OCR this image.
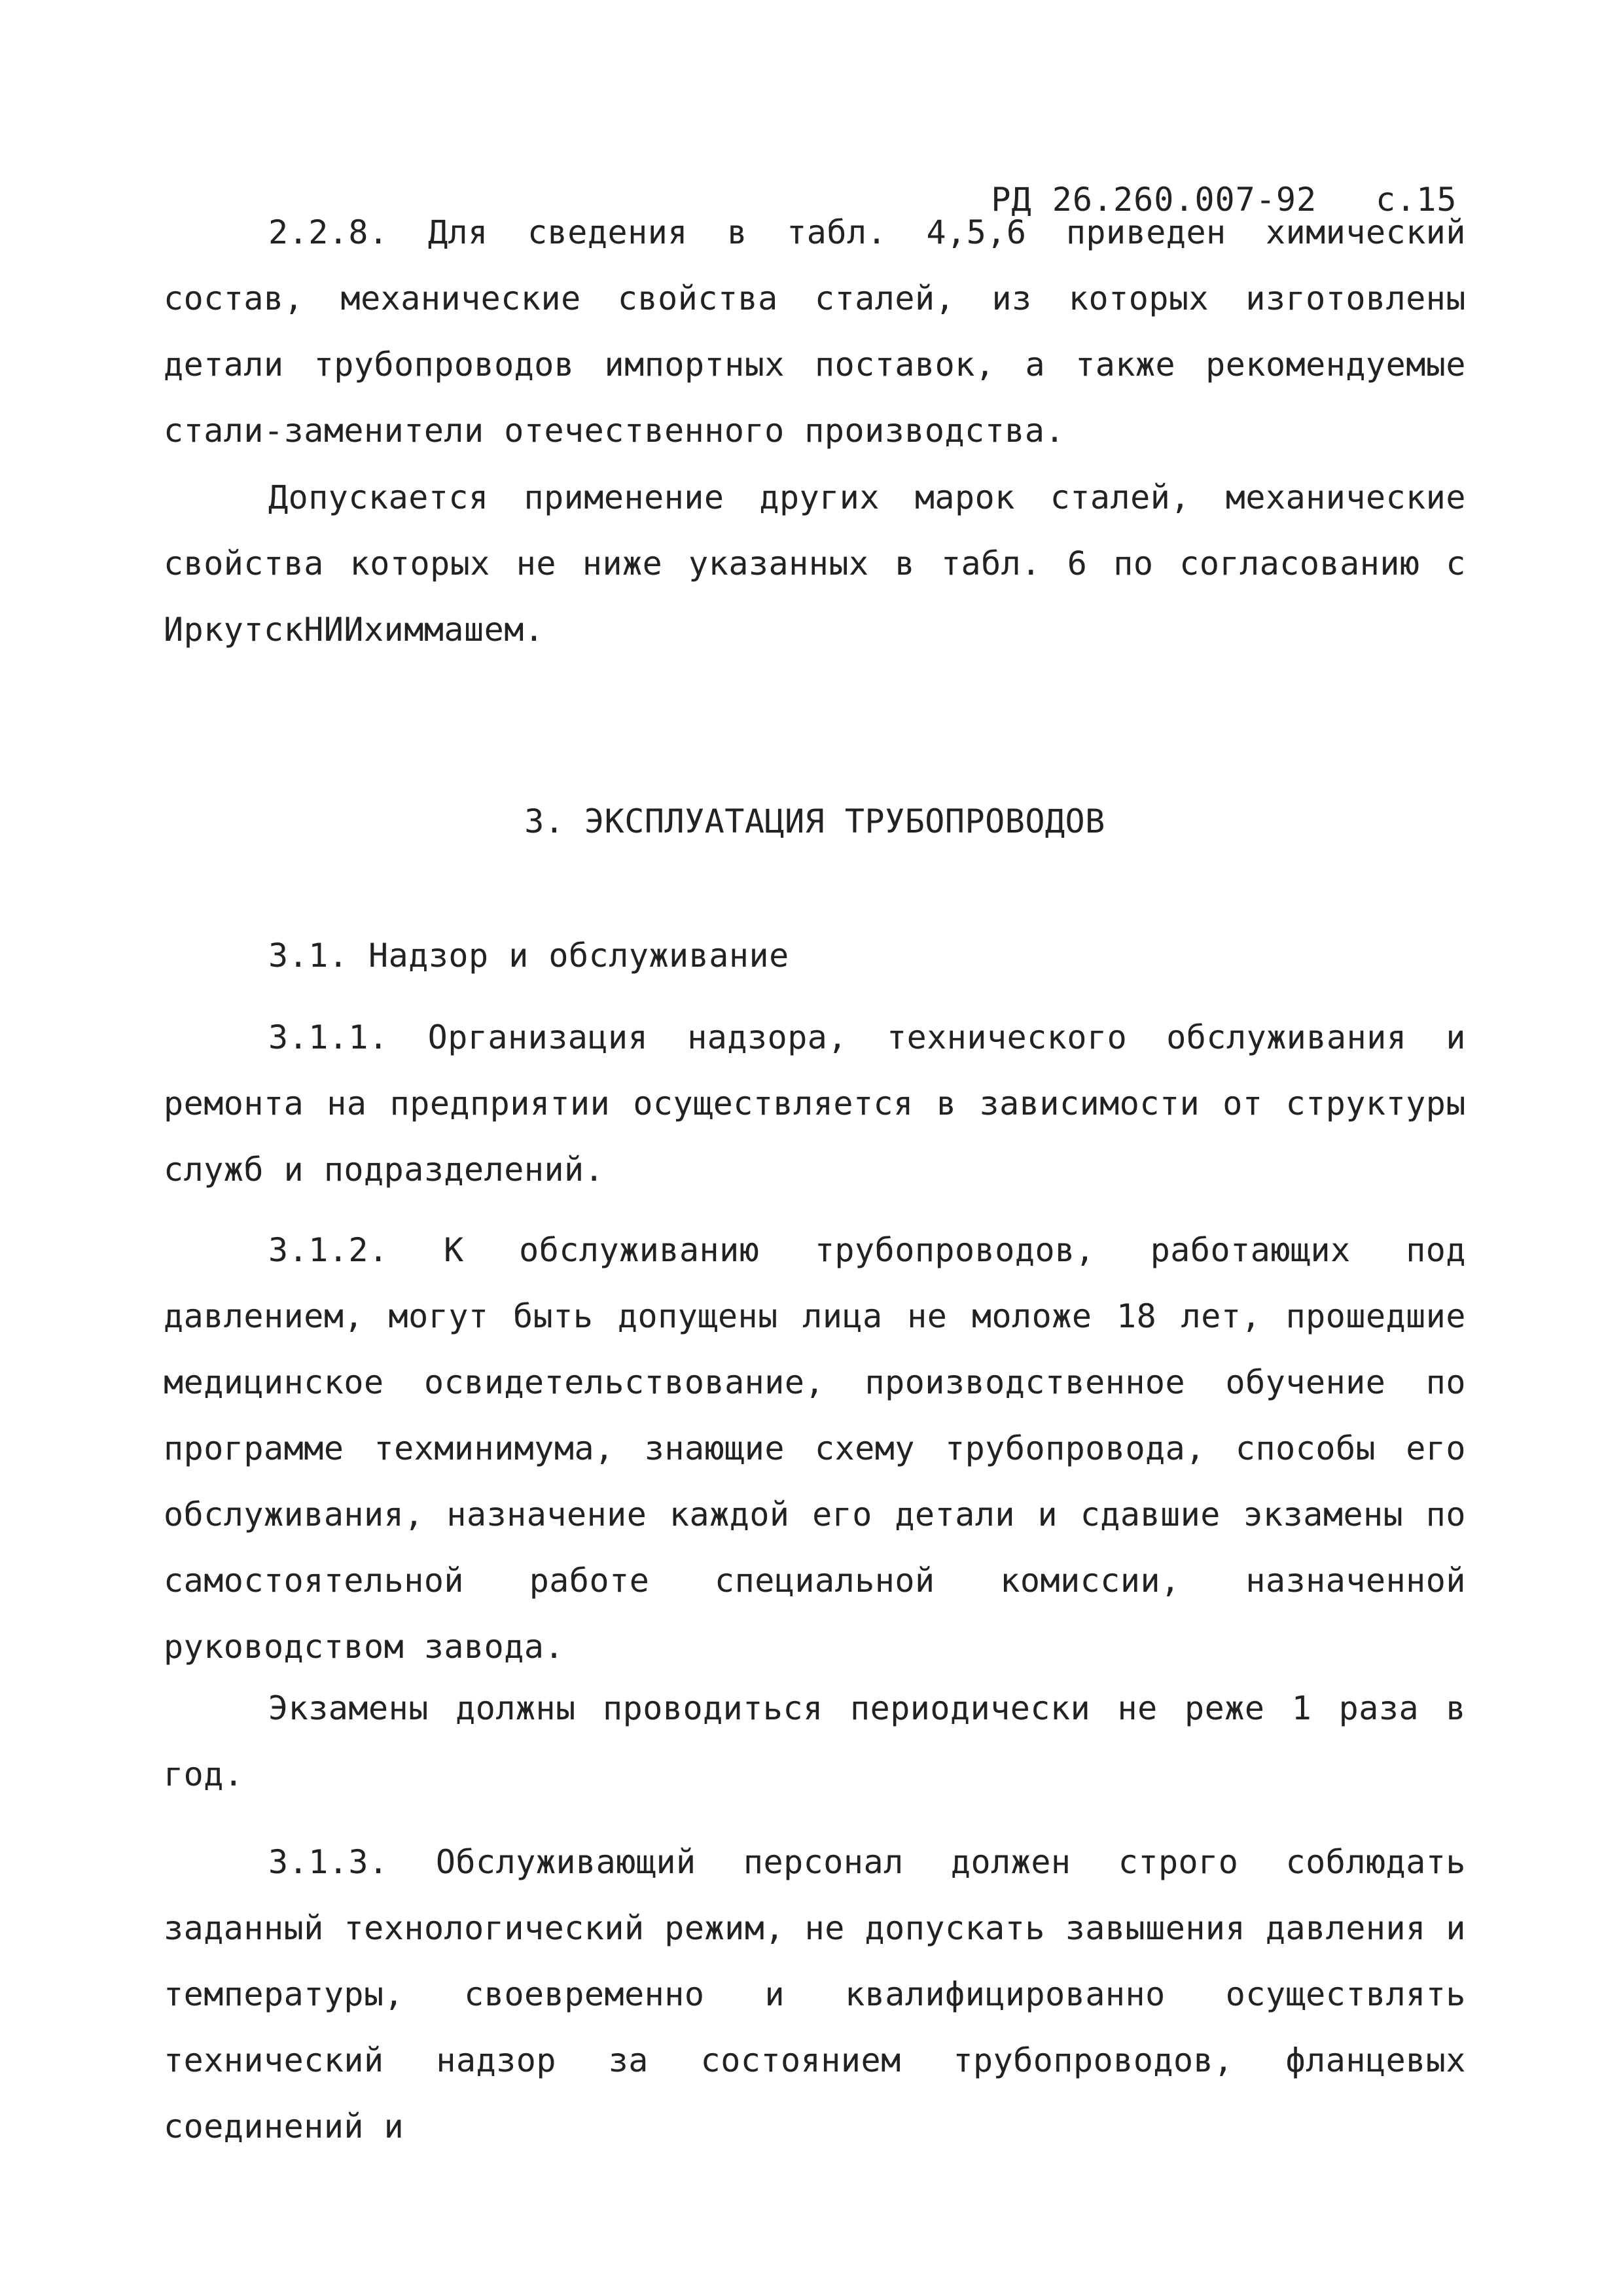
РД 26.260.007-92 с.15

2.2.8. Для сведения в табл. 4,5,6 приведен химический состав, механические свойства сталей, из которых изготовлены детали трубопроводов импортных поставок, а также рекомендуемые стали-заменители отечественного производства.

Допускается применение других марок сталей, механические свойства которых не ниже указанных в табл. 6 по согласованию с ИркутскНИИхиммашем.

3. ЭКСПЛУАТАЦИЯ ТРУБОПРОВОДОВ

3.1. Надзор и обслуживание

3.1.1. Организация надзора, технического обслуживания и ремонта на предприятии осуществляется в зависимости от структуры служб и подразделений.

3.1.2. К обслуживанию трубопроводов, работающих под давлением, могут быть допущены лица не моложе 18 лет, прошедшие медицинское освидетельствование, производственное обучение по программе техминимума, знающие схему трубопровода, способы его обслуживания, назначение каждой его детали и сдавшие экзамены по самостоятельной работе специальной комиссии, назначенной руководством завода.

Экзамены должны проводиться периодически не реже 1 раза в год.

3.1.3. Обслуживающий персонал должен строго соблюдать заданный технологический режим, не допускать завышения давления и температуры, своевременно и квалифицированно осуществлять технический надзор за состоянием трубопроводов, фланцевых соединений и
